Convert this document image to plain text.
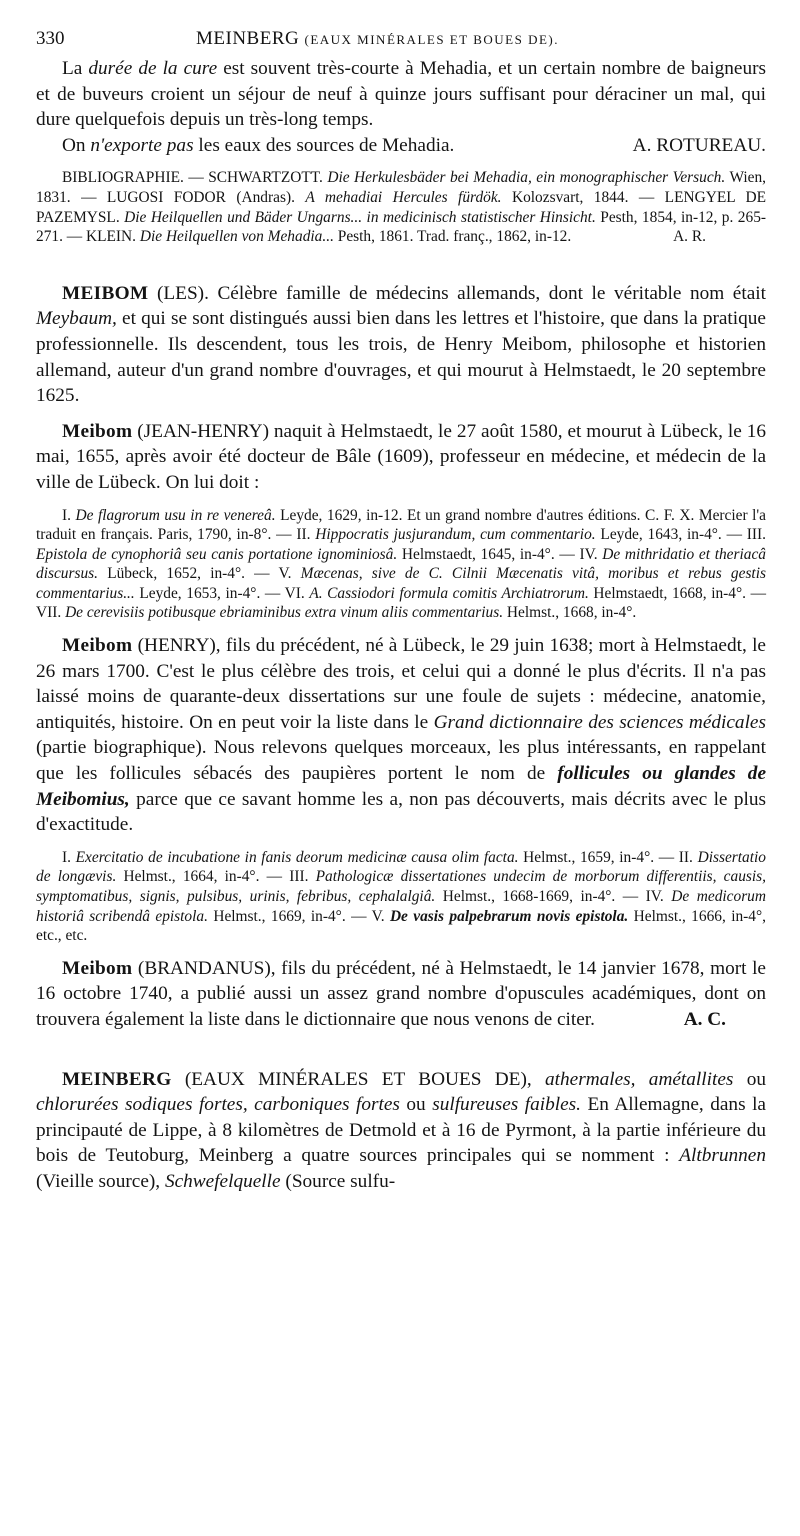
330	MEINBERG (EAUX MINÉRALES ET BOUES DE).

La durée de la cure est souvent très-courte à Mehadia, et un certain nombre de baigneurs et de buveurs croient un séjour de neuf à quinze jours suffisant pour déraciner un mal, qui dure quelquefois depuis un très-long temps.

On n'exporte pas les eaux des sources de Mehadia.	A. ROTUREAU.

BIBLIOGRAPHIE. — SCHWARTZOTT. Die Herkulesbäder bei Mehadia, ein monographischer Versuch. Wien, 1831. — LUGOSI FODOR (Andras). A mehadiai Hercules fürdök. Kolozsvart, 1844. — LENGYEL DE PAZEMYSL. Die Heilquellen und Bäder Ungarns... in medicinisch statistischer Hinsicht. Pesth, 1854, in-12, p. 265-271. — KLEIN. Die Heilquellen von Mehadia... Pesth, 1861. Trad. franç., 1862, in-12.	A. R.

MEIBOM (LES). Célèbre famille de médecins allemands, dont le véritable nom était Meybaum, et qui se sont distingués aussi bien dans les lettres et l'histoire, que dans la pratique professionnelle. Ils descendent, tous les trois, de Henry Meibom, philosophe et historien allemand, auteur d'un grand nombre d'ouvrages, et qui mourut à Helmstaedt, le 20 septembre 1625.

Meibom (JEAN-HENRY) naquit à Helmstaedt, le 27 août 1580, et mourut à Lübeck, le 16 mai, 1655, après avoir été docteur de Bâle (1609), professeur en médecine, et médecin de la ville de Lübeck. On lui doit :

I. De flagrorum usu in re venereâ. Leyde, 1629, in-12. Et un grand nombre d'autres éditions. C. F. X. Mercier l'a traduit en français. Paris, 1790, in-8°. — II. Hippocratis jusjurandum, cum commentario. Leyde, 1643, in-4°. — III. Epistola de cynophoriâ seu canis portatione ignominiosâ. Helmstaedt, 1645, in-4°. — IV. De mithridatio et theriacâ discursus. Lübeck, 1652, in-4°. — V. Mæcenas, sive de C. Cilnii Mæcenatis vitâ, moribus et rebus gestis commentarius... Leyde, 1653, in-4°. — VI. A. Cassiodori formula comitis Archiatrorum. Helmstaedt, 1668, in-4°. — VII. De cerevisiis potibusque ebriaminibus extra vinum aliis commentarius. Helmst., 1668, in-4°.

Meibom (HENRY), fils du précédent, né à Lübeck, le 29 juin 1638; mort à Helmstaedt, le 26 mars 1700. C'est le plus célèbre des trois, et celui qui a donné le plus d'écrits. Il n'a pas laissé moins de quarante-deux dissertations sur une foule de sujets : médecine, anatomie, antiquités, histoire. On en peut voir la liste dans le Grand dictionnaire des sciences médicales (partie biographique). Nous relevons quelques morceaux, les plus intéressants, en rappelant que les follicules sébacés des paupières portent le nom de follicules ou glandes de Meibomius, parce que ce savant homme les a, non pas découverts, mais décrits avec le plus d'exactitude.

I. Exercitatio de incubatione in fanis deorum medicinæ causa olim facta. Helmst., 1659, in-4°. — II. Dissertatio de longævis. Helmst., 1664, in-4°. — III. Pathologicæ dissertationes undecim de morborum differentiis, causis, symptomatibus, signis, pulsibus, urinis, febribus, cephalalgiâ. Helmst., 1668-1669, in-4°. — IV. De medicorum historiâ scribendâ epistola. Helmst., 1669, in-4°. — V. De vasis palpebrarum novis epistola. Helmst., 1666, in-4°, etc., etc.

Meibom (BRANDANUS), fils du précédent, né à Helmstaedt, le 14 janvier 1678, mort le 16 octobre 1740, a publié aussi un assez grand nombre d'opuscules académiques, dont on trouvera également la liste dans le dictionnaire que nous venons de citer.	A. C.

MEINBERG (EAUX MINÉRALES ET BOUES DE), athermales, amétallites ou chlorurées sodiques fortes, carboniques fortes ou sulfureuses faibles. En Allemagne, dans la principauté de Lippe, à 8 kilomètres de Detmold et à 16 de Pyrmont, à la partie inférieure du bois de Teutoburg, Meinberg a quatre sources principales qui se nomment : Altbrunnen (Vieille source), Schwefelquelle (Source sulfu-
